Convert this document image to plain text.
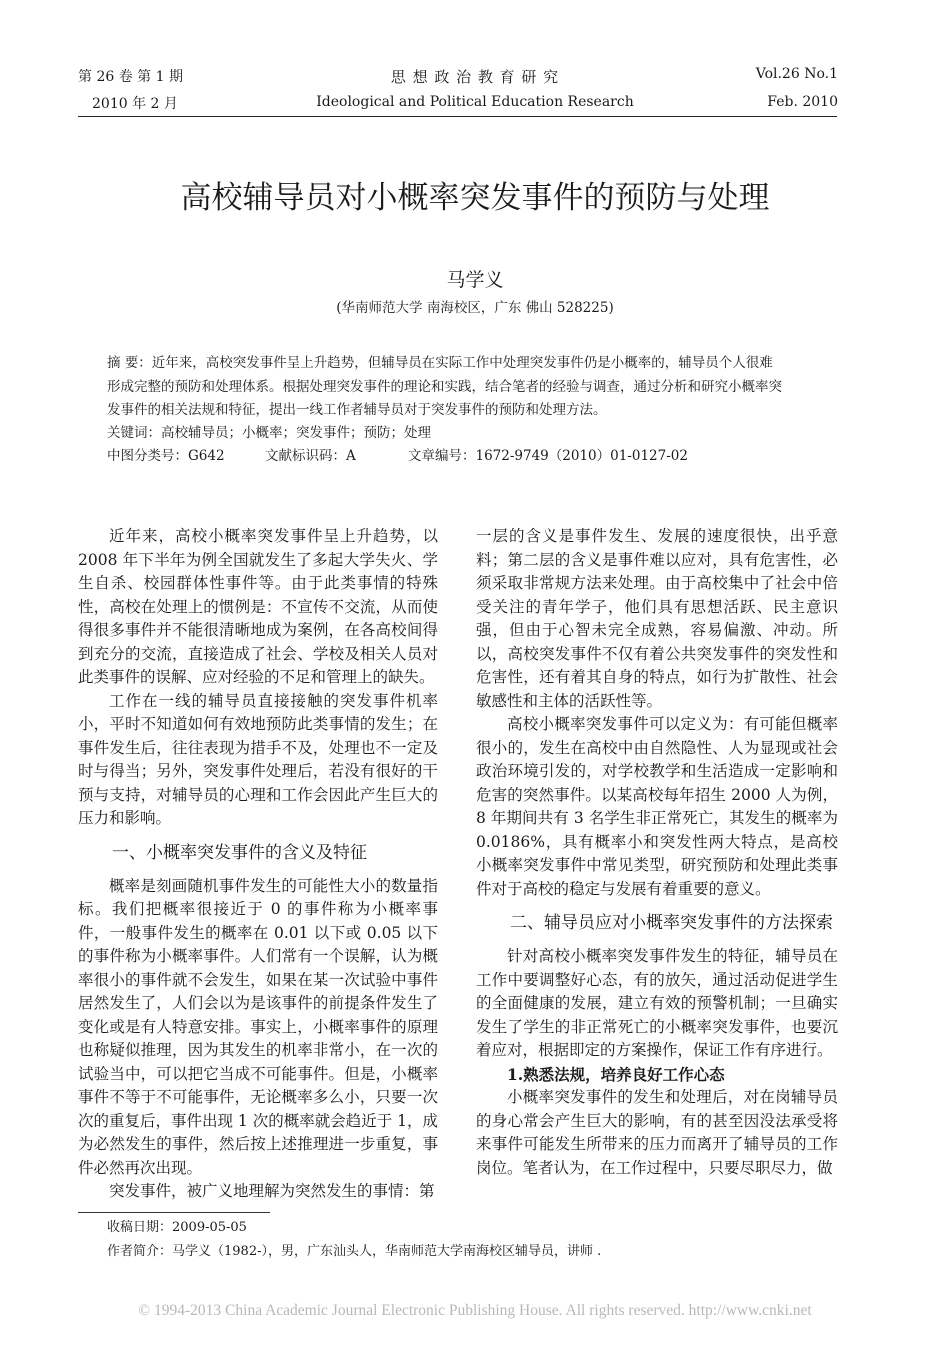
第 26 卷 第 1 期
2010 年 2 月
思 想 政 治 教 育 研 究
Ideological and Political Education Research
Vol.26 No.1
Feb. 2010
高校辅导员对小概率突发事件的预防与处理
马学义
(华南师范大学 南海校区，广东 佛山 528225)
摘 要：近年来，高校突发事件呈上升趋势，但辅导员在实际工作中处理突发事件仍是小概率的，辅导员个人很难
形成完整的预防和处理体系。根据处理突发事件的理论和实践，结合笔者的经验与调查，通过分析和研究小概率突
发事件的相关法规和特征，提出一线工作者辅导员对于突发事件的预防和处理方法。
关键词：高校辅导员；小概率；突发事件；预防；处理
中图分类号：G642	文献标识码：A	文章编号：1672-9749（2010）01-0127-02

近年来，高校小概率突发事件呈上升趋势，以2008 年下半年为例全国就发生了多起大学失火、学生自杀、校园群体性事件等。由于此类事情的特殊性，高校在处理上的惯例是：不宣传不交流，从而使得很多事件并不能很清晰地成为案例，在各高校间得到充分的交流，直接造成了社会、学校及相关人员对此类事件的误解、应对经验的不足和管理上的缺失。

工作在一线的辅导员直接接触的突发事件机率小，平时不知道如何有效地预防此类事情的发生；在事件发生后，往往表现为措手不及，处理也不一定及时与得当；另外，突发事件处理后，若没有很好的干预与支持，对辅导员的心理和工作会因此产生巨大的压力和影响。

一、小概率突发事件的含义及特征

概率是刻画随机事件发生的可能性大小的数量指标。我们把概率很接近于 0 的事件称为小概率事件，一般事件发生的概率在 0.01 以下或 0.05 以下的事件称为小概率事件。人们常有一个误解，认为概率很小的事件就不会发生，如果在某一次试验中事件居然发生了，人们会以为是该事件的前提条件发生了变化或是有人特意安排。事实上，小概率事件的原理也称疑似推理，因为其发生的机率非常小，在一次的试验当中，可以把它当成不可能事件。但是，小概率事件不等于不可能事件，无论概率多么小，只要一次次的重复后，事件出现 1 次的概率就会趋近于 1，成为必然发生的事件，然后按上述推理进一步重复，事件必然再次出现。

突发事件，被广义地理解为突然发生的事情：第

一层的含义是事件发生、发展的速度很快，出乎意料；第二层的含义是事件难以应对，具有危害性，必须采取非常规方法来处理。由于高校集中了社会中倍受关注的青年学子，他们具有思想活跃、民主意识强，但由于心智未完全成熟，容易偏激、冲动。所以，高校突发事件不仅有着公共突发事件的突发性和危害性，还有着其自身的特点，如行为扩散性、社会敏感性和主体的活跃性等。

高校小概率突发事件可以定义为：有可能但概率很小的，发生在高校中由自然隐性、人为显现或社会政治环境引发的，对学校教学和生活造成一定影响和危害的突然事件。以某高校每年招生 2000 人为例，8 年期间共有 3 名学生非正常死亡，其发生的概率为 0.0186%，具有概率小和突发性两大特点，是高校小概率突发事件中常见类型，研究预防和处理此类事件对于高校的稳定与发展有着重要的意义。

二、辅导员应对小概率突发事件的方法探索

针对高校小概率突发事件发生的特征，辅导员在工作中要调整好心态，有的放矢，通过活动促进学生的全面健康的发展，建立有效的预警机制；一旦确实发生了学生的非正常死亡的小概率突发事件，也要沉着应对，根据即定的方案操作，保证工作有序进行。

1.熟悉法规，培养良好工作心态

小概率突发事件的发生和处理后，对在岗辅导员的身心常会产生巨大的影响，有的甚至因没法承受将来事件可能发生所带来的压力而离开了辅导员的工作岗位。笔者认为，在工作过程中，只要尽职尽力，做

收稿日期：2009-05-05
作者简介：马学义（1982-），男，广东汕头人，华南师范大学南海校区辅导员，讲师 .
© 1994-2013 China Academic Journal Electronic Publishing House. All rights reserved. http://www.cnki.net
